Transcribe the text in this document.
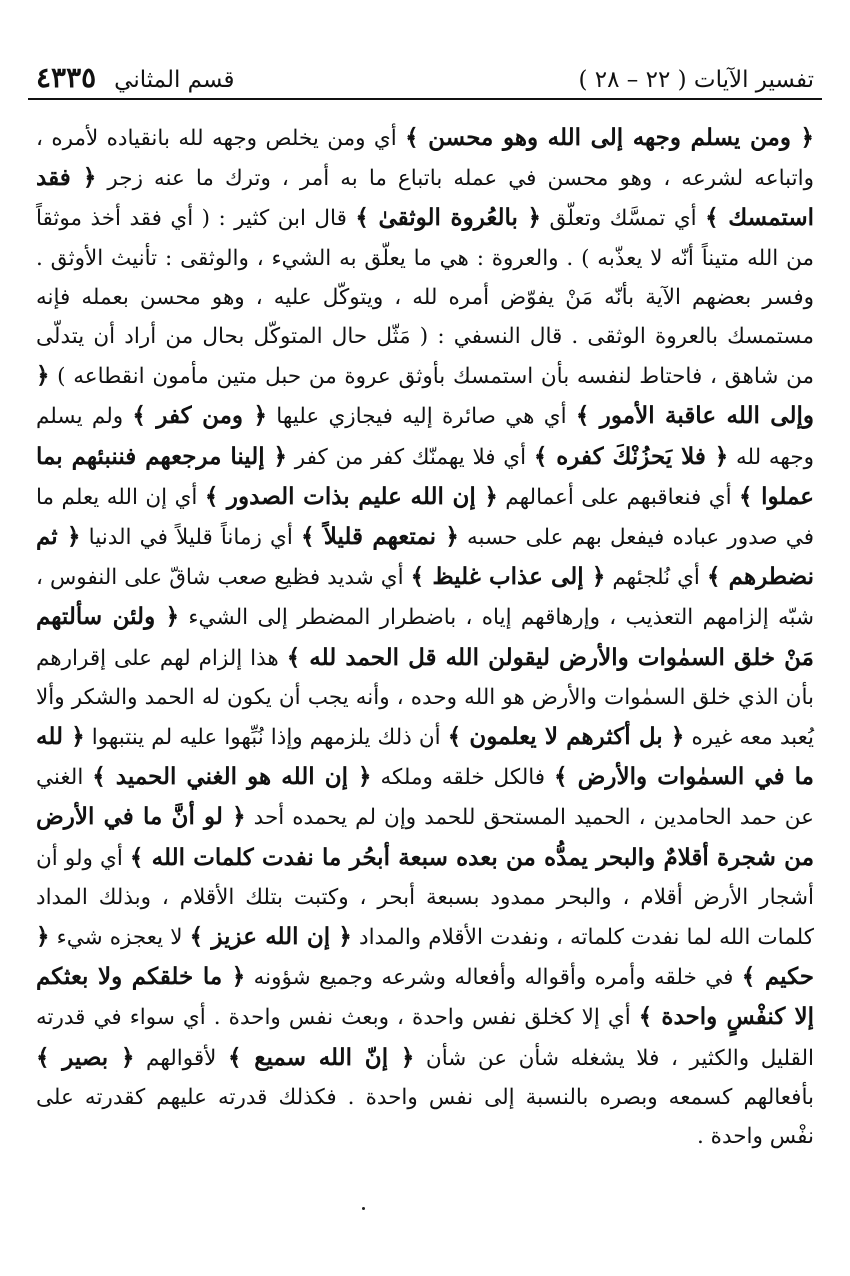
تفسير الآيات ( ٢٢ – ٢٨ )
قسم المثاني
٤٣٣٥

﴿ ومن يسلم وجهه إلى الله وهو محسن ﴾ أي ومن يخلص وجهه لله بانقياده لأمره ، واتباعه لشرعه ، وهو محسن في عمله باتباع ما به أمر ، وترك ما عنه زجر ﴿ فقد استمسك ﴾ أي تمسَّك وتعلّق ﴿ بالعُروة الوثقىٰ ﴾ قال ابن كثير : ( أي فقد أخذ موثقاً من الله متيناً أنّه لا يعذّبه ) . والعروة : هي ما يعلّق به الشيء ، والوثقى : تأنيث الأوثق . وفسر بعضهم الآية بأنّه مَنْ يفوّض أمره لله ، ويتوكّل عليه ، وهو محسن بعمله فإنه مستمسك بالعروة الوثقى . قال النسفي : ( مَثّل حال المتوكّل بحال من أراد أن يتدلّى من شاهق ، فاحتاط لنفسه بأن استمسك بأوثق عروة من حبل متين مأمون انقطاعه ) ﴿ وإلى الله عاقبة الأمور ﴾ أي هي صائرة إليه فيجازي عليها ﴿ ومن كفر ﴾ ولم يسلم وجهه لله ﴿ فلا يَحزُنْكَ كفره ﴾ أي فلا يهمنّك كفر من كفر ﴿ إلينا مرجعهم فننبئهم بما عملوا ﴾ أي فنعاقبهم على أعمالهم ﴿ إن الله عليم بذات الصدور ﴾ أي إن الله يعلم ما في صدور عباده فيفعل بهم على حسبه ﴿ نمتعهم قليلاً ﴾ أي زماناً قليلاً في الدنيا ﴿ ثم نضطرهم ﴾ أي نُلجئهم ﴿ إلى عذاب غليظ ﴾ أي شديد فظيع صعب شاقّ على النفوس ، شبّه إلزامهم التعذيب ، وإرهاقهم إياه ، باضطرار المضطر إلى الشيء ﴿ ولئن سألتهم مَنْ خلق السمٰوات والأرض ليقولن الله قل الحمد لله ﴾ هذا إلزام لهم على إقرارهم بأن الذي خلق السمٰوات والأرض هو الله وحده ، وأنه يجب أن يكون له الحمد والشكر وألا يُعبد معه غيره ﴿ بل أكثرهم لا يعلمون ﴾ أن ذلك يلزمهم وإذا نُبِّهوا عليه لم ينتبهوا ﴿ لله ما في السمٰوات والأرض ﴾ فالكل خلقه وملكه ﴿ إن الله هو الغني الحميد ﴾ الغني عن حمد الحامدين ، الحميد المستحق للحمد وإن لم يحمده أحد ﴿ لو أنَّ ما في الأرض من شجرة أقلامٌ والبحر يمدُّه من بعده سبعة أبحُر ما نفدت كلمات الله ﴾ أي ولو أن أشجار الأرض أقلام ، والبحر ممدود بسبعة أبحر ، وكتبت بتلك الأقلام ، وبذلك المداد كلمات الله لما نفدت كلماته ، ونفدت الأقلام والمداد ﴿ إن الله عزيز ﴾ لا يعجزه شيء ﴿ حكيم ﴾ في خلقه وأمره وأقواله وأفعاله وشرعه وجميع شؤونه ﴿ ما خلقكم ولا بعثكم إلا كنفْسٍ واحدة ﴾ أي إلا كخلق نفس واحدة ، وبعث نفس واحدة . أي سواء في قدرته القليل والكثير ، فلا يشغله شأن عن شأن ﴿ إنّ الله سميع ﴾ لأقوالهم ﴿ بصير ﴾ بأفعالهم كسمعه وبصره بالنسبة إلى نفس واحدة . فكذلك قدرته عليهم كقدرته على نفْس واحدة .
